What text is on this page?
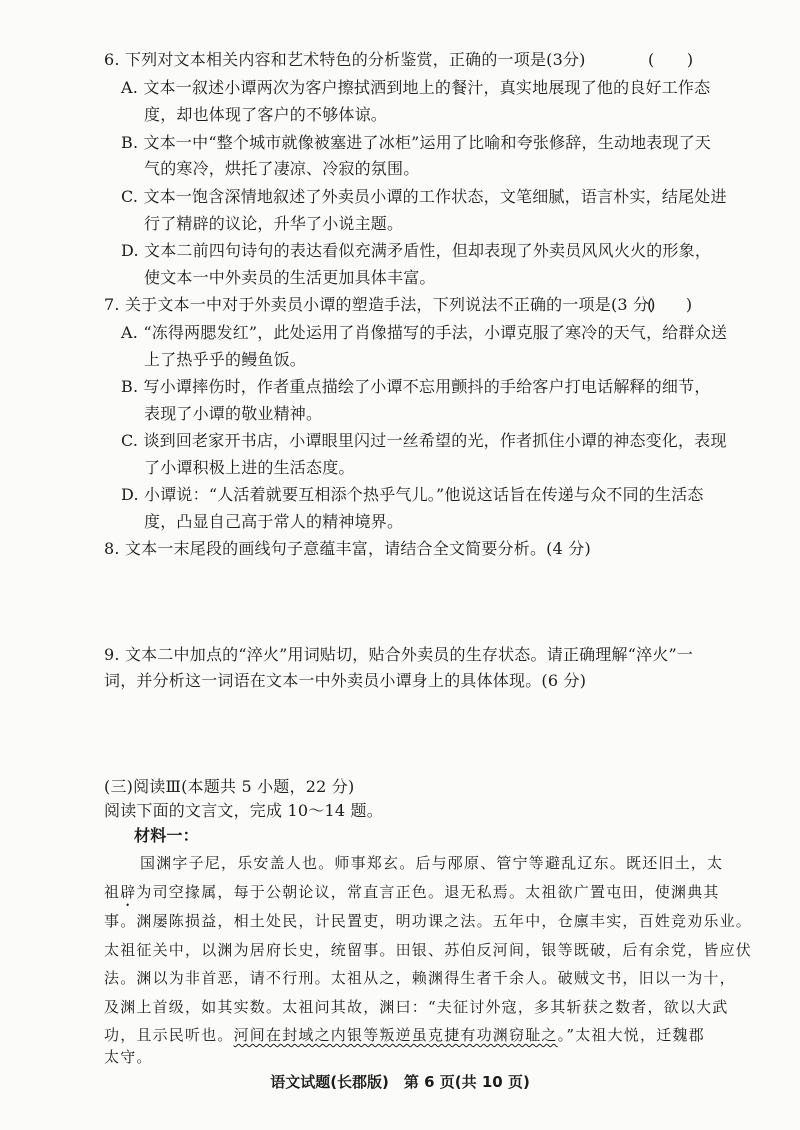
6. 下列对文本相关内容和艺术特色的分析鉴赏，正确的一项是(3分)	(　　)
A. 文本一叙述小谭两次为客户擦拭洒到地上的餐汁，真实地展现了他的良好工作态
度，却也体现了客户的不够体谅。
B. 文本一中“整个城市就像被塞进了冰柜”运用了比喻和夸张修辞，生动地表现了天
气的寒冷，烘托了凄凉、冷寂的氛围。
C. 文本一饱含深情地叙述了外卖员小谭的工作状态，文笔细腻，语言朴实，结尾处进
行了精辟的议论，升华了小说主题。
D. 文本二前四句诗句的表达看似充满矛盾性，但却表现了外卖员风风火火的形象，
使文本一中外卖员的生活更加具体丰富。
7. 关于文本一中对于外卖员小谭的塑造手法，下列说法不正确的一项是(3 分)
(　　)
A. “冻得两腮发红”，此处运用了肖像描写的手法，小谭克服了寒冷的天气，给群众送
上了热乎乎的鳗鱼饭。
B. 写小谭摔伤时，作者重点描绘了小谭不忘用颤抖的手给客户打电话解释的细节，
表现了小谭的敬业精神。
C. 谈到回老家开书店，小谭眼里闪过一丝希望的光，作者抓住小谭的神态变化，表现
了小谭积极上进的生活态度。
D. 小谭说：“人活着就要互相添个热乎气儿。”他说这话旨在传递与众不同的生活态
度，凸显自己高于常人的精神境界。
8. 文本一末尾段的画线句子意蕴丰富，请结合全文简要分析。(4 分)
9. 文本二中加点的“淬火”用词贴切，贴合外卖员的生存状态。请正确理解“淬火”一
词，并分析这一词语在文本一中外卖员小谭身上的具体体现。(6 分)
(三)阅读Ⅲ(本题共 5 小题，22 分)
阅读下面的文言文，完成 10～14 题。
材料一：
国渊字子尼，乐安盖人也。师事郑玄。后与邴原、管宁等避乱辽东。既还旧土，太
祖辟为司空掾属，每于公朝论议，常直言正色。退无私焉。太祖欲广置屯田，使渊典其
事。渊屡陈损益，相土处民，计民置吏，明功课之法。五年中，仓廪丰实，百姓竞劝乐业。
太祖征关中，以渊为居府长史，统留事。田银、苏伯反河间，银等既破，后有余党，皆应伏
法。渊以为非首恶，请不行刑。太祖从之，赖渊得生者千余人。破贼文书，旧以一为十，
及渊上首级，如其实数。太祖问其故，渊曰：“夫征讨外寇，多其斩获之数者，欲以大武
功，且示民听也。河间在封域之内银等叛逆虽克捷有功渊窃耻之。”太祖大悦，迁魏郡
太守。
语文试题(长郡版)　第 6 页(共 10 页)
